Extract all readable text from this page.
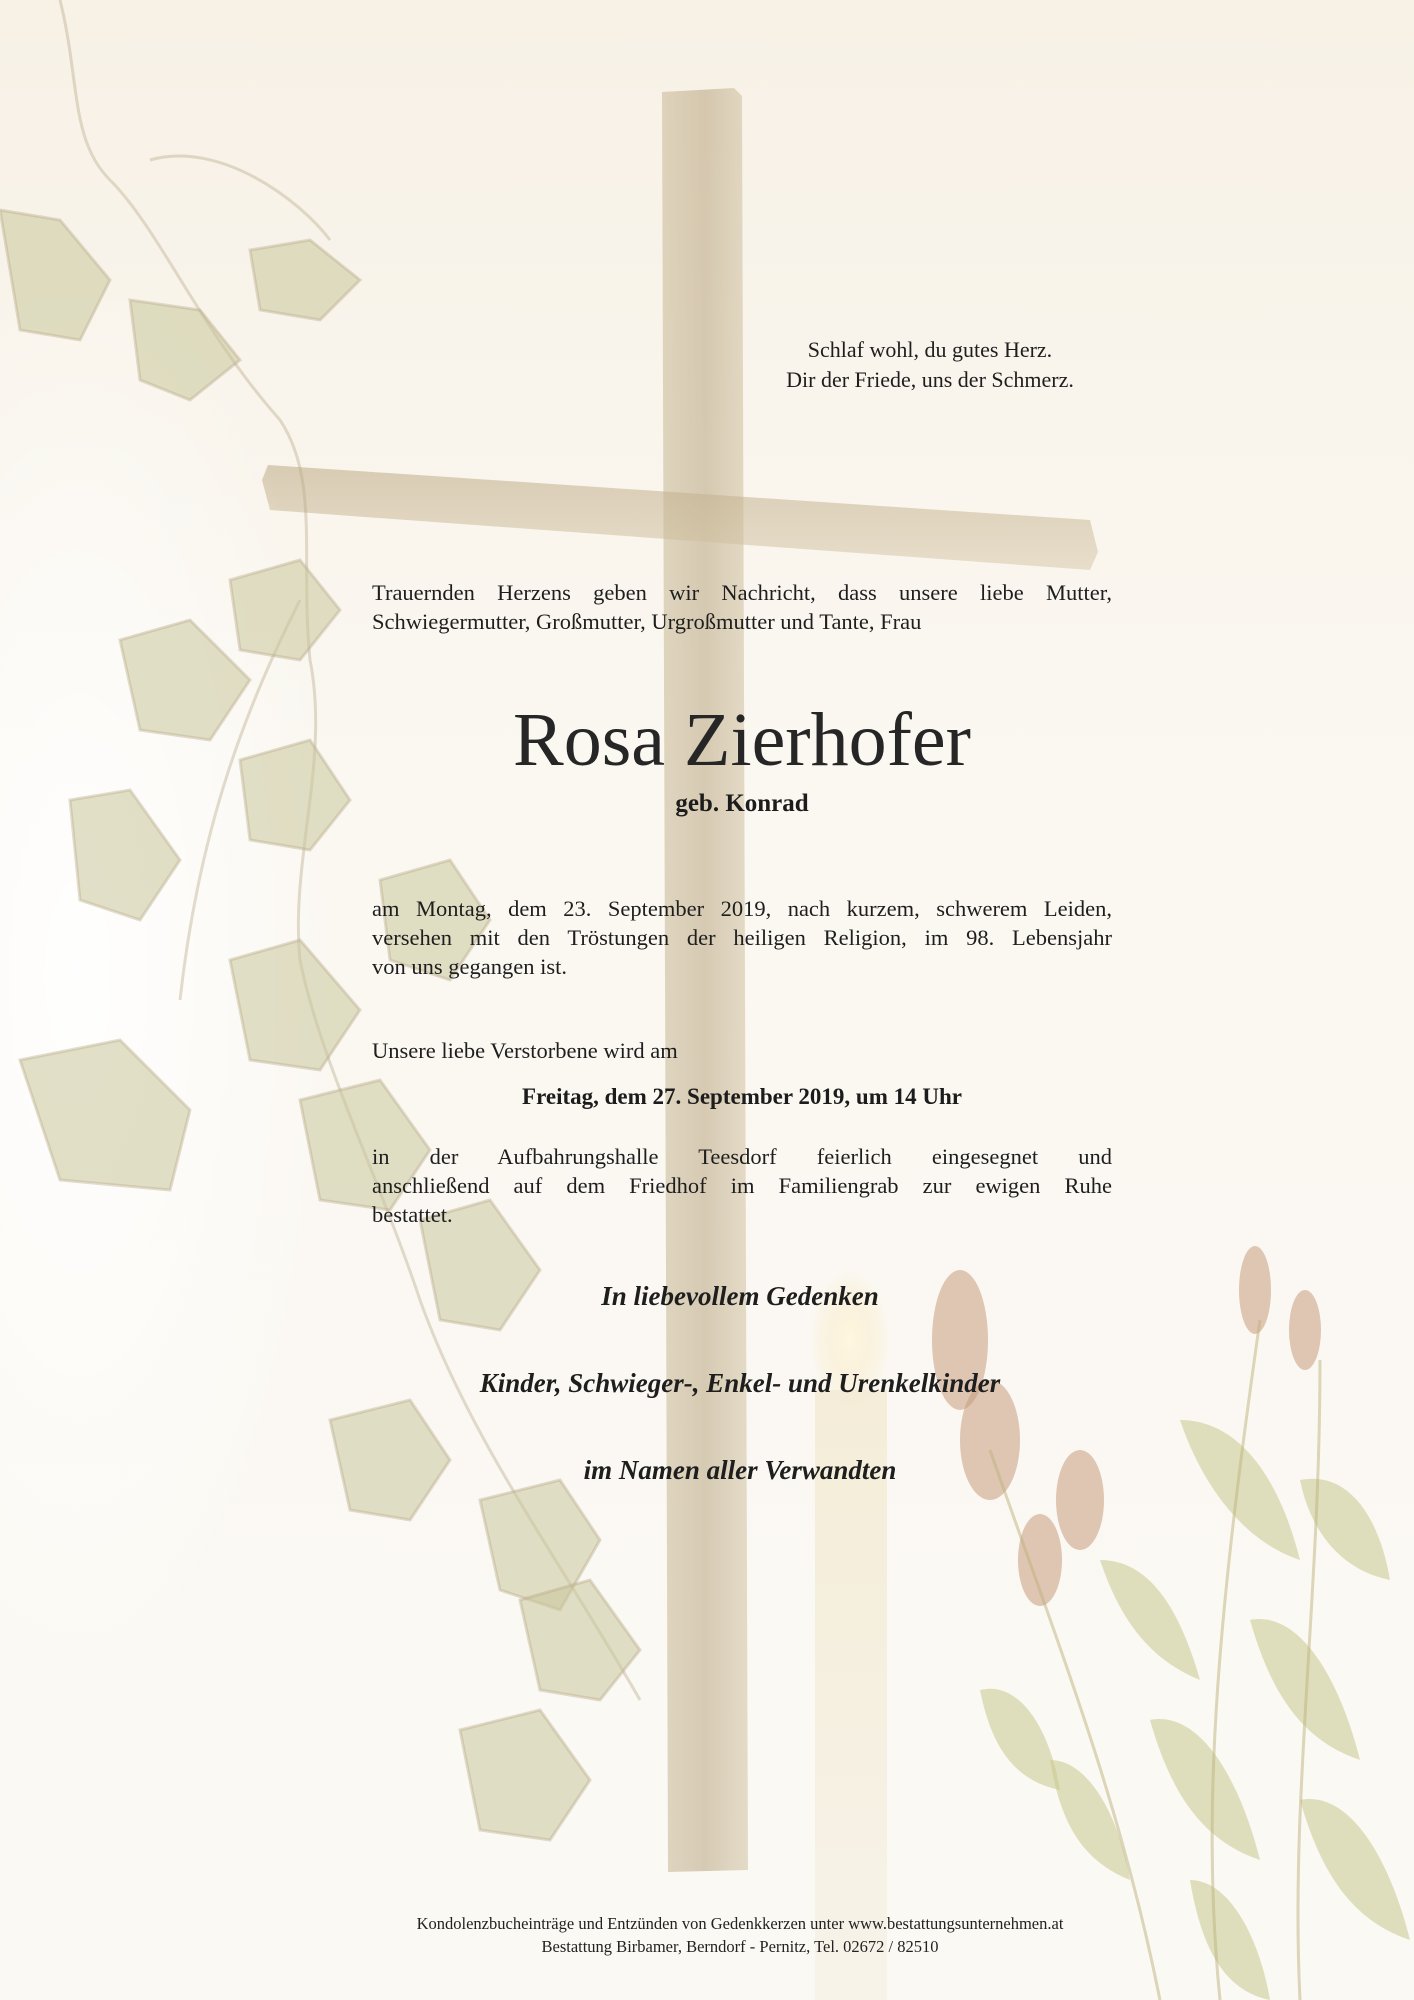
Schlaf wohl, du gutes Herz.
Dir der Friede, uns der Schmerz.
Trauernden Herzens geben wir Nachricht, dass unsere liebe Mutter,
Schwiegermutter, Großmutter, Urgroßmutter und Tante, Frau
Rosa Zierhofer
geb. Konrad
am Montag, dem 23. September 2019, nach kurzem, schwerem Leiden,
versehen mit den Tröstungen der heiligen Religion, im 98. Lebensjahr
von uns gegangen ist.
Unsere liebe Verstorbene wird am
Freitag, dem 27. September 2019, um 14 Uhr
in der Aufbahrungshalle Teesdorf feierlich eingesegnet und
anschließend auf dem Friedhof im Familiengrab zur ewigen Ruhe
bestattet.
In liebevollem Gedenken
Kinder, Schwieger-, Enkel- und Urenkelkinder
im Namen aller Verwandten
Kondolenzbucheinträge und Entzünden von Gedenkkerzen unter www.bestattungsunternehmen.at
Bestattung Birbamer, Berndorf - Pernitz, Tel. 02672 / 82510
